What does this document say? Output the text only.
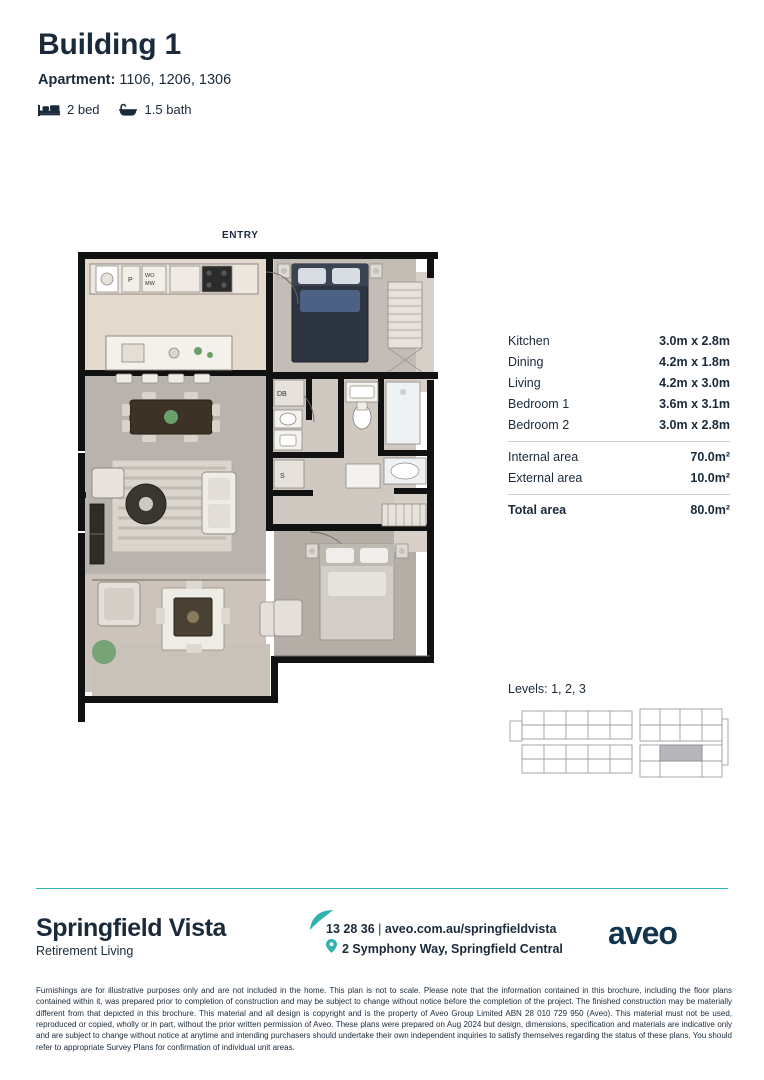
Building 1
Apartment: 1106, 1206, 1306
2 bed	1.5 bath
ENTRY
P
WO
MW
DB
S
Kitchen	3.0m x 2.8m
Dining	4.2m x 1.8m
Living	4.2m x 3.0m
Bedroom 1	3.6m x 3.1m
Bedroom 2	3.0m x 2.8m
Internal area	70.0m²
External area	10.0m²
Total area	80.0m²
Levels: 1, 2, 3
Springfield Vista
Retirement Living
13 28 36 | aveo.com.au/springfieldvista
2 Symphony Way, Springfield Central aveo
Furnishings are for illustrative purposes only and are not included in the home. This plan is not to scale. Please note that the information contained in this brochure, including the floor plans contained within it, was prepared prior to completion of construction and may be subject to change without notice before the completion of the project. The finished construction may be materially different from that depicted in this brochure. This material and all design is copyright and is the property of Aveo Group Limited ABN 28 010 729 950 (Aveo). This material must not be used, reproduced or copied, wholly or in part, without the prior written permission of Aveo. These plans were prepared on Aug 2024 but design, dimensions, specification and materials are indicative only and are subject to change without notice at anytime and intending purchasers should undertake their own independent inquiries to satisfy themselves regarding the status of these plans. You should refer to appropriate Survey Plans for confirmation of individual unit areas.
